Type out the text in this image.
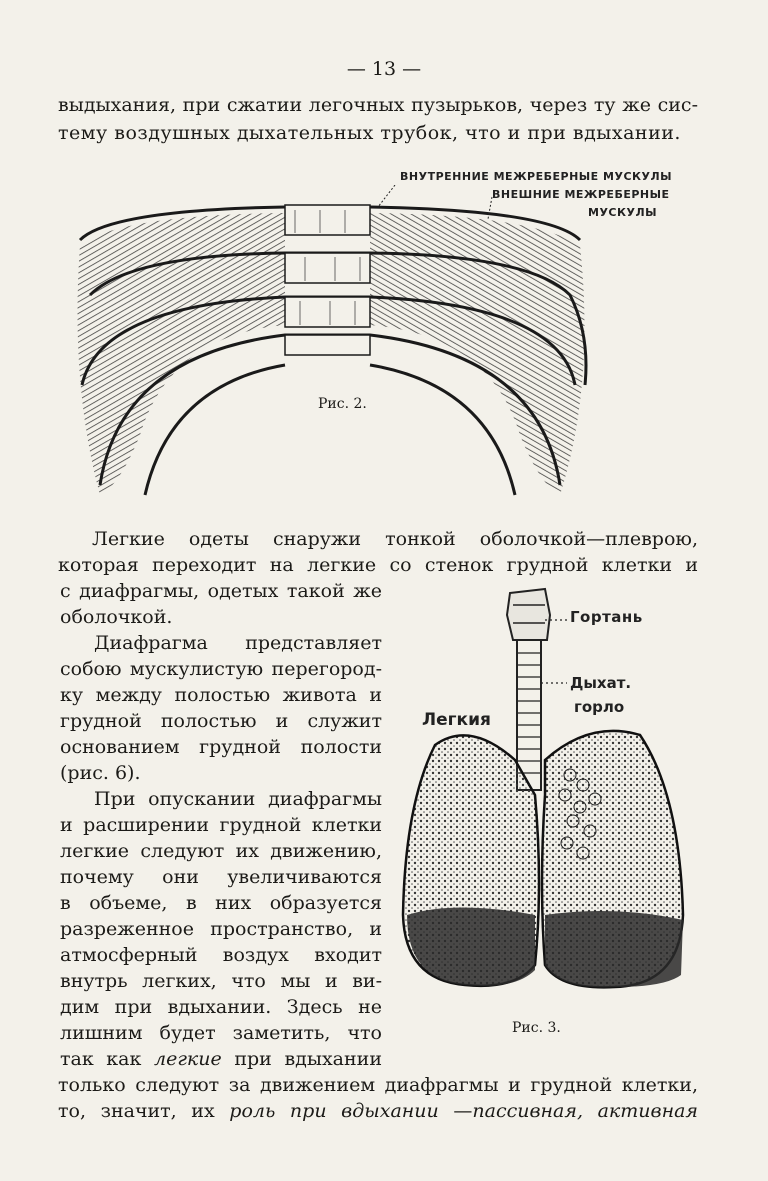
— 13 —
выдыхания, при сжатии легочных пузырьков, через ту же сис-
тему воздушных дыхательных трубок, что и при вдыхании.
ВНУТРЕННИЕ МЕЖРЕБЕРНЫЕ МУСКУЛЫ
ВНЕШНИЕ МЕЖРЕБЕРНЫЕ
МУСКУЛЫ
Рис. 2.
Легкие одеты снаружи тонкой оболочкой—плеврою,
которая переходит на легкие со стенок грудной клетки и
с диафрагмы, одетых такой же
оболочкой.
Диафрагма представляет
собою мускулистую перегород-
ку между полостью живота и
грудной полостью и служит
основанием грудной полости
(рис. 6).
При опускании диафрагмы
и расширении грудной клетки
легкие следуют их движению,
почему они увеличиваются
в объеме, в них образуется
разреженное пространство, и
атмосферный воздух входит
внутрь легких, что мы и ви-
дим при вдыхании. Здесь не
лишним будет заметить, что
так как легкие при вдыхании
только следуют за движением диафрагмы и грудной клетки,
то, значит, их роль при вдыхании —пассивная, активная
Гортань
Дыхат.
горло
Легкия
Рис. 3.
